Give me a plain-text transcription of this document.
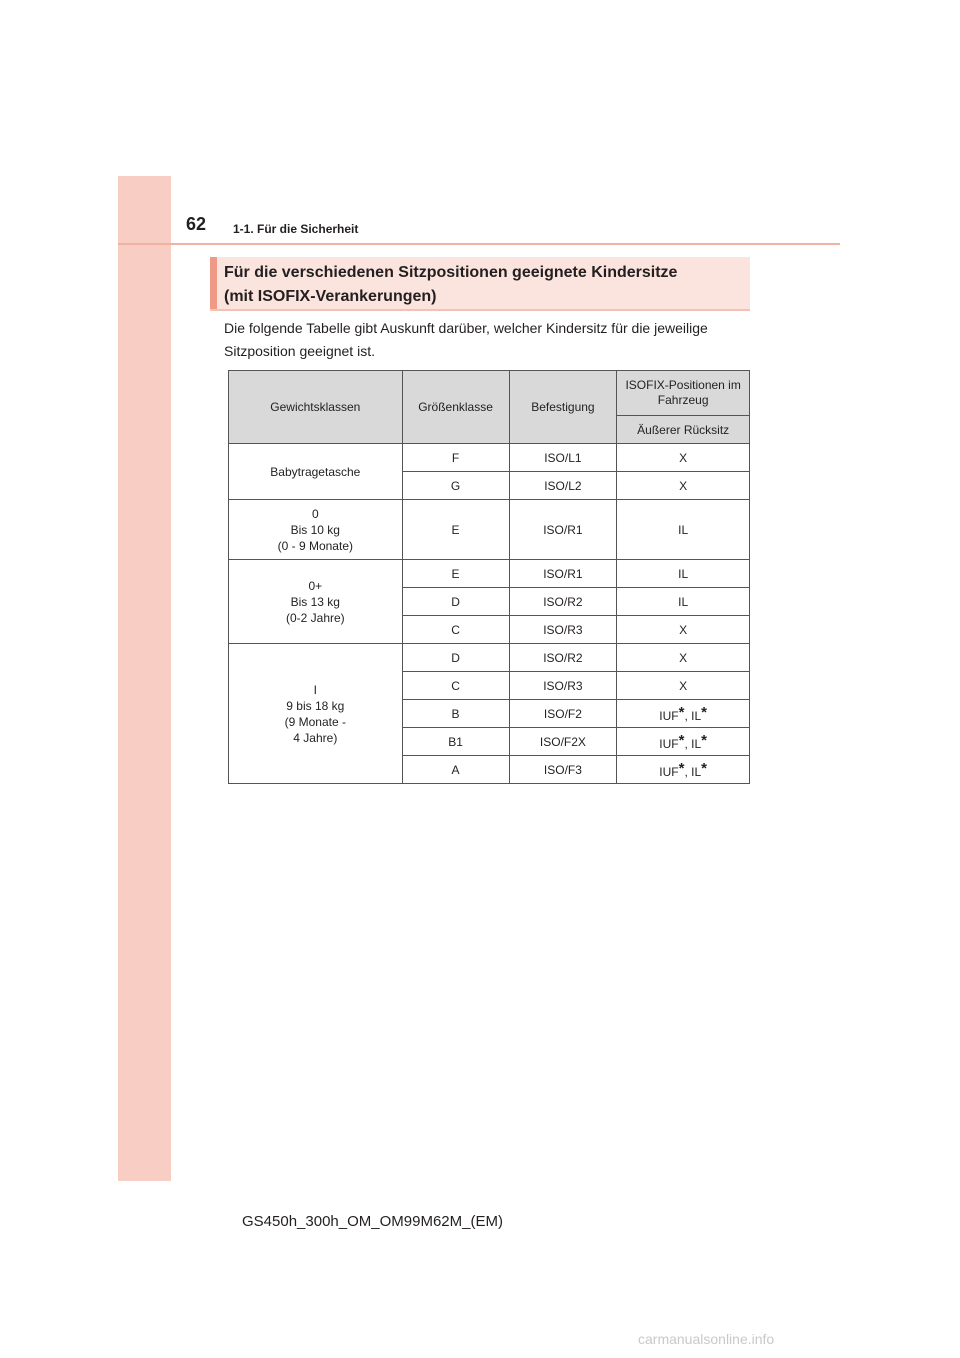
62 1-1. Für die Sicherheit
Für die verschiedenen Sitzpositionen geeignete Kindersitze
(mit ISOFIX-Verankerungen)
Die folgende Tabelle gibt Auskunft darüber, welcher Kindersitz für die jeweilige
Sitzposition geeignet ist.
Gewichtsklassen	Größenklasse	Befestigung	ISOFIX-Positionen im Fahrzeug
			Äußerer Rücksitz

Babytragetasche	F	ISO/L1	X
	G	ISO/L2	X

0
Bis 10 kg
(0 - 9 Monate)	E	ISO/R1	IL

0+
Bis 13 kg
(0-2 Jahre)	E	ISO/R1	IL
	D	ISO/R2	IL
	C	ISO/R3	X

I
9 bis 18 kg
(9 Monate -
4 Jahre)	D	ISO/R2	X
	C	ISO/R3	X
	B	ISO/F2	IUF*, IL*
	B1	ISO/F2X	IUF*, IL*
	A	ISO/F3	IUF*, IL*
GS450h_300h_OM_OM99M62M_(EM)
carmanualsonline.info
